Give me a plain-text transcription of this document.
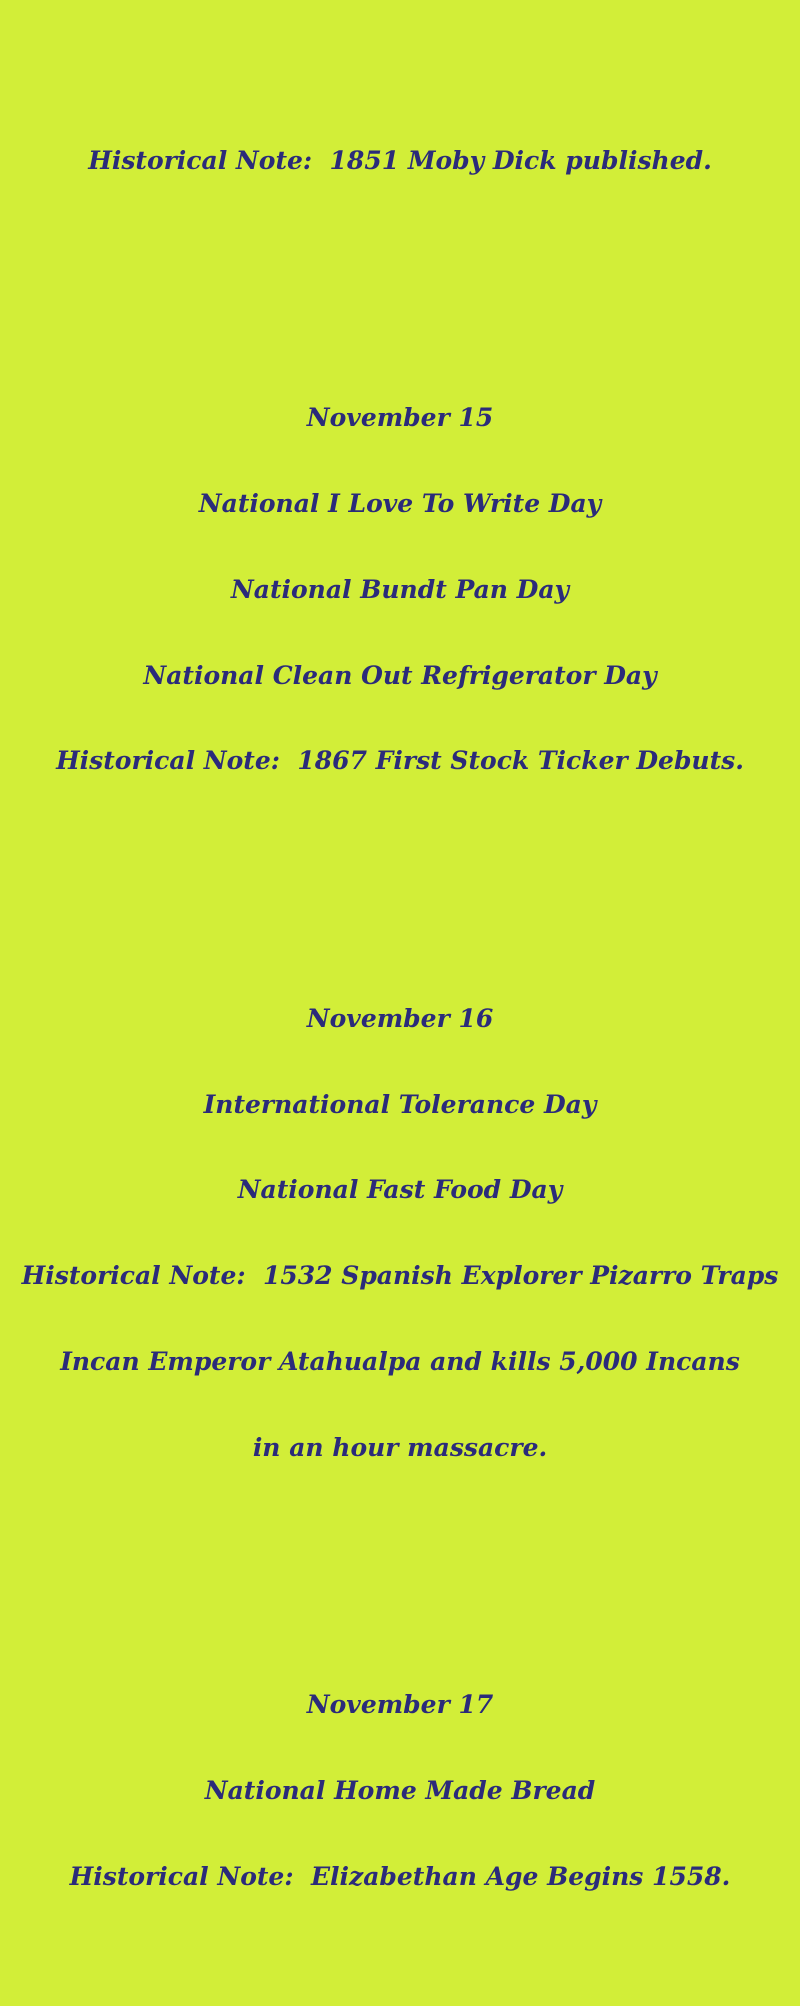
Historical Note:  1851 Moby Dick published.

November 15

National I Love To Write Day

National Bundt Pan Day

National Clean Out Refrigerator Day

Historical Note:  1867 First Stock Ticker Debuts.

November 16

International Tolerance Day

National Fast Food Day

Historical Note:  1532 Spanish Explorer Pizarro Traps

Incan Emperor Atahualpa and kills 5,000 Incans

in an hour massacre.

November 17

National Home Made Bread

Historical Note:  Elizabethan Age Begins 1558.
